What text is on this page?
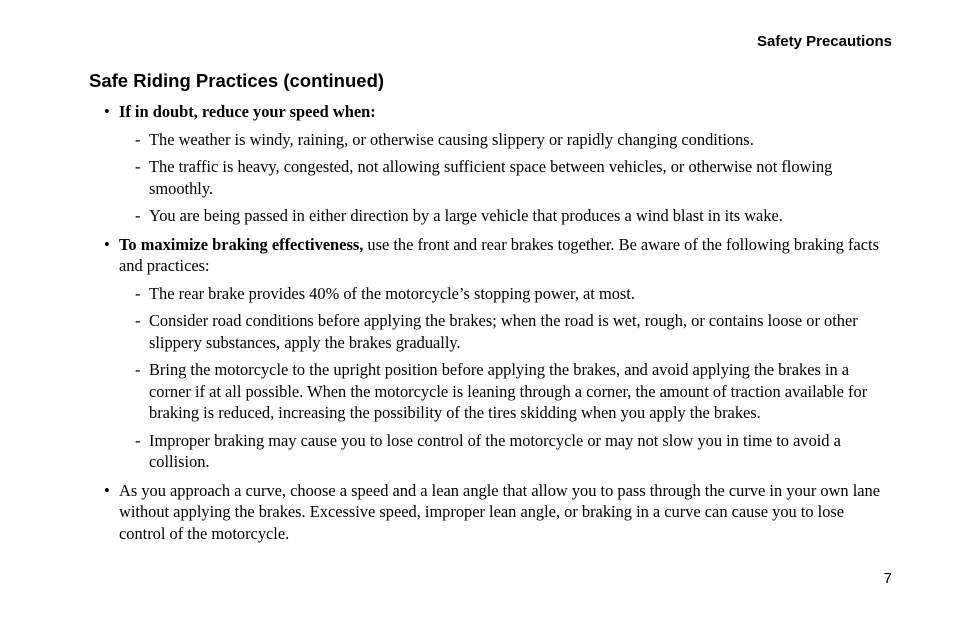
Safety Precautions
Safe Riding Practices (continued)
• If in doubt, reduce your speed when:
- The weather is windy, raining, or otherwise causing slippery or rapidly changing conditions.
- The traffic is heavy, congested, not allowing sufficient space between vehicles, or otherwise not flowing smoothly.
- You are being passed in either direction by a large vehicle that produces a wind blast in its wake.
• To maximize braking effectiveness, use the front and rear brakes together. Be aware of the following braking facts and practices:
- The rear brake provides 40% of the motorcycle’s stopping power, at most.
- Consider road conditions before applying the brakes; when the road is wet, rough, or contains loose or other slippery substances, apply the brakes gradually.
- Bring the motorcycle to the upright position before applying the brakes, and avoid applying the brakes in a corner if at all possible. When the motorcycle is leaning through a corner, the amount of traction available for braking is reduced, increasing the possibility of the tires skidding when you apply the brakes.
- Improper braking may cause you to lose control of the motorcycle or may not slow you in time to avoid a collision.
• As you approach a curve, choose a speed and a lean angle that allow you to pass through the curve in your own lane without applying the brakes. Excessive speed, improper lean angle, or braking in a curve can cause you to lose control of the motorcycle.
7
